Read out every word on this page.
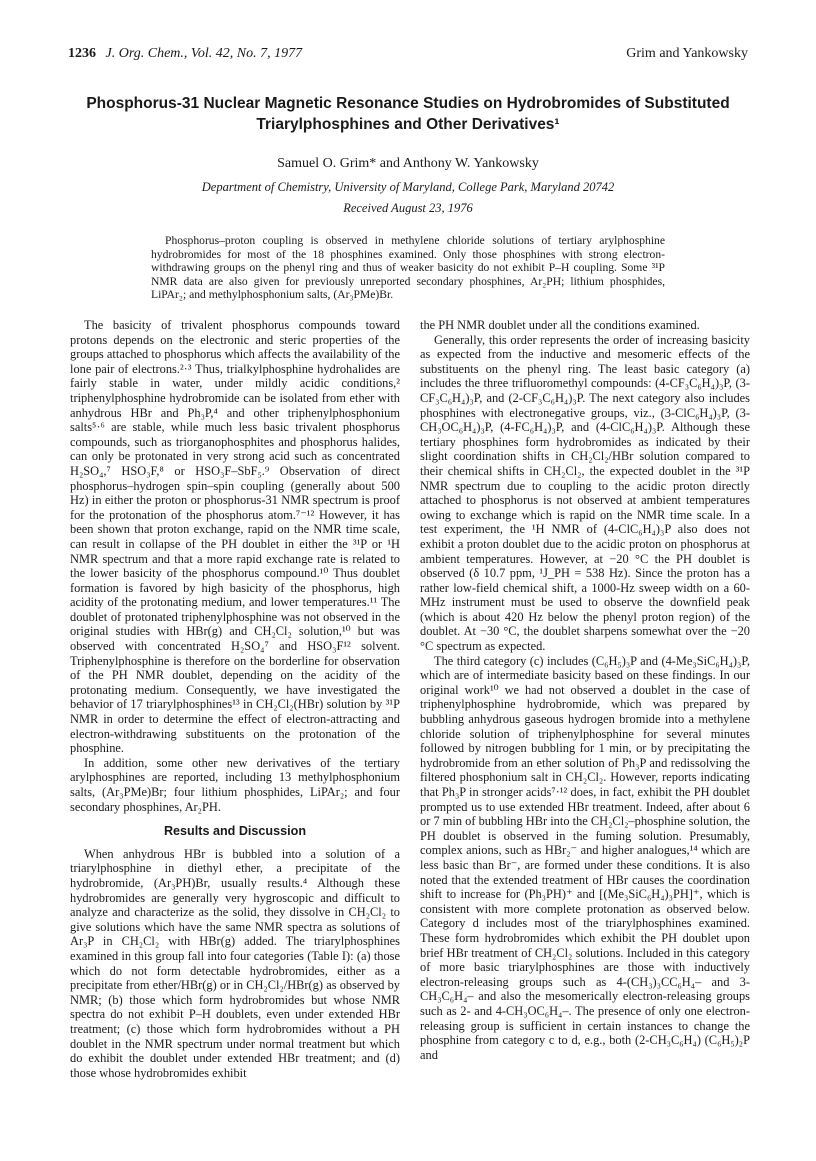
1236 J. Org. Chem., Vol. 42, No. 7, 1977	Grim and Yankowsky
Phosphorus-31 Nuclear Magnetic Resonance Studies on Hydrobromides of Substituted Triarylphosphines and Other Derivatives¹
Samuel O. Grim* and Anthony W. Yankowsky
Department of Chemistry, University of Maryland, College Park, Maryland 20742
Received August 23, 1976
Phosphorus–proton coupling is observed in methylene chloride solutions of tertiary arylphosphine hydrobromides for most of the 18 phosphines examined. Only those phosphines with strong electron-withdrawing groups on the phenyl ring and thus of weaker basicity do not exhibit P–H coupling. Some ³¹P NMR data are also given for previously unreported secondary phosphines, Ar₂PH; lithium phosphides, LiPAr₂; and methylphosphonium salts, (Ar₃PMe)Br.

The basicity of trivalent phosphorus compounds toward protons depends on the electronic and steric properties of the groups attached to phosphorus which affects the availability of the lone pair of electrons.²·³ Thus, trialkylphosphine hydrohalides are fairly stable in water, under mildly acidic conditions,² triphenylphosphine hydrobromide can be isolated from ether with anhydrous HBr and Ph₃P,⁴ and other triphenylphosphonium salts⁵·⁶ are stable, while much less basic trivalent phosphorus compounds, such as triorganophosphites and phosphorus halides, can only be protonated in very strong acid such as concentrated H₂SO₄,⁷ HSO₃F,⁸ or HSO₃F–SbF₅.⁹ Observation of direct phosphorus–hydrogen spin–spin coupling (generally about 500 Hz) in either the proton or phosphorus-31 NMR spectrum is proof for the protonation of the phosphorus atom.⁷⁻¹² However, it has been shown that proton exchange, rapid on the NMR time scale, can result in collapse of the PH doublet in either the ³¹P or ¹H NMR spectrum and that a more rapid exchange rate is related to the lower basicity of the phosphorus compound.¹⁰ Thus doublet formation is favored by high basicity of the phosphorus, high acidity of the protonating medium, and lower temperatures.¹¹ The doublet of protonated triphenylphosphine was not observed in the original studies with HBr(g) and CH₂Cl₂ solution,¹⁰ but was observed with concentrated H₂SO₄⁷ and HSO₃F¹² solvent. Triphenylphosphine is therefore on the borderline for observation of the PH NMR doublet, depending on the acidity of the protonating medium. Consequently, we have investigated the behavior of 17 triarylphosphines¹³ in CH₂Cl₂(HBr) solution by ³¹P NMR in order to determine the effect of electron-attracting and electron-withdrawing substituents on the protonation of the phosphine.

In addition, some other new derivatives of the tertiary arylphosphines are reported, including 13 methylphosphonium salts, (Ar₃PMe)Br; four lithium phosphides, LiPAr₂; and four secondary phosphines, Ar₂PH.

Results and Discussion

When anhydrous HBr is bubbled into a solution of a triarylphosphine in diethyl ether, a precipitate of the hydrobromide, (Ar₃PH)Br, usually results.⁴ Although these hydrobromides are generally very hygroscopic and difficult to analyze and characterize as the solid, they dissolve in CH₂Cl₂ to give solutions which have the same NMR spectra as solutions of Ar₃P in CH₂Cl₂ with HBr(g) added. The triarylphosphines examined in this group fall into four categories (Table I): (a) those which do not form detectable hydrobromides, either as a precipitate from ether/HBr(g) or in CH₂Cl₂/HBr(g) as observed by NMR; (b) those which form hydrobromides but whose NMR spectra do not exhibit P–H doublets, even under extended HBr treatment; (c) those which form hydrobromides without a PH doublet in the NMR spectrum under normal treatment but which do exhibit the doublet under extended HBr treatment; and (d) those whose hydrobromides exhibit

the PH NMR doublet under all the conditions examined.

Generally, this order represents the order of increasing basicity as expected from the inductive and mesomeric effects of the substituents on the phenyl ring. The least basic category (a) includes the three trifluoromethyl compounds: (4-CF₃C₆H₄)₃P, (3-CF₃C₆H₄)₃P, and (2-CF₃C₆H₄)₃P. The next category also includes phosphines with electronegative groups, viz., (3-ClC₆H₄)₃P, (3-CH₃OC₆H₄)₃P, (4-FC₆H₄)₃P, and (4-ClC₆H₄)₃P. Although these tertiary phosphines form hydrobromides as indicated by their slight coordination shifts in CH₂Cl₂/HBr solution compared to their chemical shifts in CH₂Cl₂, the expected doublet in the ³¹P NMR spectrum due to coupling to the acidic proton directly attached to phosphorus is not observed at ambient temperatures owing to exchange which is rapid on the NMR time scale. In a test experiment, the ¹H NMR of (4-ClC₆H₄)₃P also does not exhibit a proton doublet due to the acidic proton on phosphorus at ambient temperatures. However, at −20 °C the PH doublet is observed (δ 10.7 ppm, ¹J_PH = 538 Hz). Since the proton has a rather low-field chemical shift, a 1000-Hz sweep width on a 60-MHz instrument must be used to observe the downfield peak (which is about 420 Hz below the phenyl proton region) of the doublet. At −30 °C, the doublet sharpens somewhat over the −20 °C spectrum as expected.

The third category (c) includes (C₆H₅)₃P and (4-Me₃SiC₆H₄)₃P, which are of intermediate basicity based on these findings. In our original work¹⁰ we had not observed a doublet in the case of triphenylphosphine hydrobromide, which was prepared by bubbling anhydrous gaseous hydrogen bromide into a methylene chloride solution of triphenylphosphine for several minutes followed by nitrogen bubbling for 1 min, or by precipitating the hydrobromide from an ether solution of Ph₃P and redissolving the filtered phosphonium salt in CH₂Cl₂. However, reports indicating that Ph₃P in stronger acids⁷·¹² does, in fact, exhibit the PH doublet prompted us to use extended HBr treatment. Indeed, after about 6 or 7 min of bubbling HBr into the CH₂Cl₂–phosphine solution, the PH doublet is observed in the fuming solution. Presumably, complex anions, such as HBr₂⁻ and higher analogues,¹⁴ which are less basic than Br⁻, are formed under these conditions. It is also noted that the extended treatment of HBr causes the coordination shift to increase for (Ph₃PH)⁺ and [(Me₃SiC₆H₄)₃PH]⁺, which is consistent with more complete protonation as observed below. Category d includes most of the triarylphosphines examined. These form hydrobromides which exhibit the PH doublet upon brief HBr treatment of CH₂Cl₂ solutions. Included in this category of more basic triarylphosphines are those with inductively electron-releasing groups such as 4-(CH₃)₃CC₆H₄– and 3-CH₃C₆H₄– and also the mesomerically electron-releasing groups such as 2- and 4-CH₃OC₆H₄–. The presence of only one electron-releasing group is sufficient in certain instances to change the phosphine from category c to d, e.g., both (2-CH₃C₆H₄) (C₆H₅)₂P and
